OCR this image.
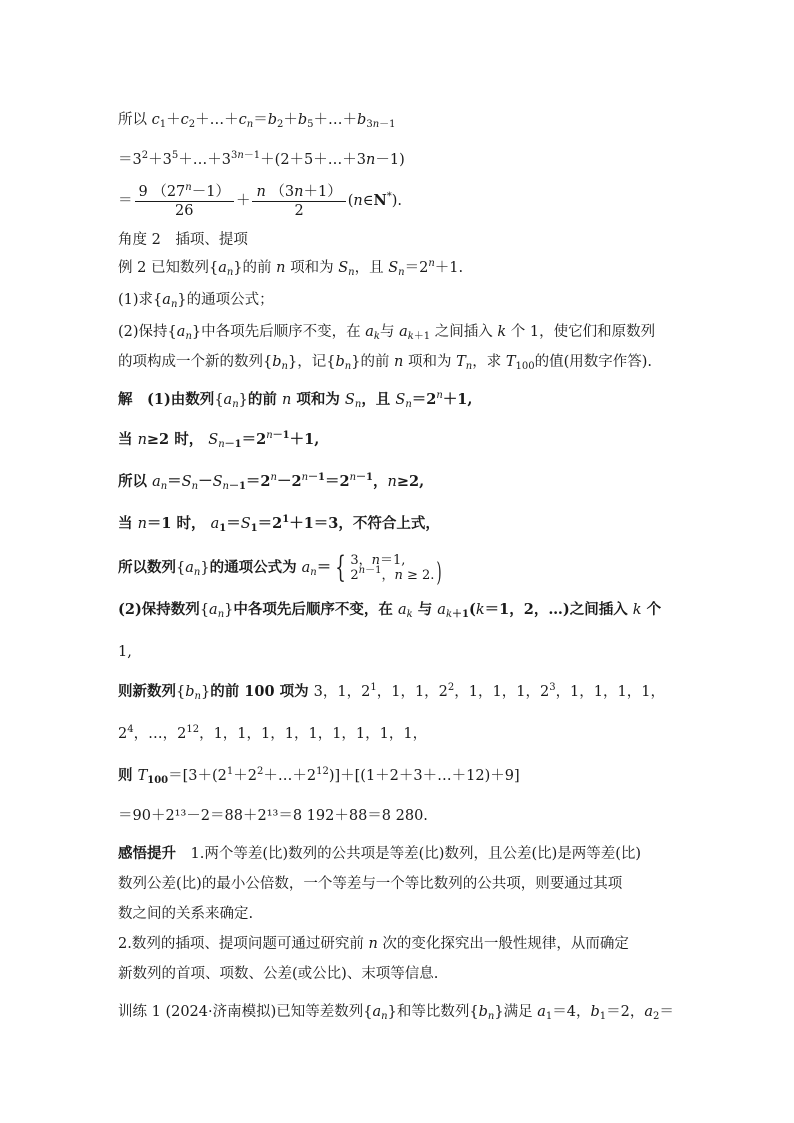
所以 $c_1+c_2+\dots+c_n=b_2+b_5+\dots+b_{3n-1}$
$=3^2+3^5+\dots+3^{3n-1}+(2+5+\dots+3n-1)$
＝ $\frac{9 (27^n-1)}{26} + \frac{n (3n+1)}{2}$ (n∈N*).
角度 2　插项、提项
例 2 已知数列$\{a_n\}$的前 n 项和为 $S_n$，且 $S_n=2^n+1$.
(1)求$\{a_n\}$的通项公式；
(2)保持$\{a_n\}$中各项先后顺序不变，在 $a_k$与 $a_{k+1}$ 之间插入 k 个 1，使它们和原数列
的项构成一个新的数列$\{b_n\}$，记$\{b_n\}$的前 n 项和为 $T_n$，求 $T_{100}$的值(用数字作答).
解　 (1)由数列$\{a_n\}$的前 n 项和为 $S_n$，且 $S_n=2^n+1$,
当 n≥2 时， $S_{n-1}=2^{n-1}+1$,
所以 $a_n=S_n-S_{n-1}=2^n-2^{n-1}=2^{n-1}$，n≥2,
当 n＝1 时， $a_1=S_1=2^1+1=3$，不符合上式，
所以数列$\{a_n\}$的通项公式为 $a_n=$ { 3，n＝1,
$2^{n-1}$，n ≥ 2. )
(2)保持数列$\{a_n\}$中各项先后顺序不变，在 $a_k$ 与 $a_{k+1}(k=1$，2，…)之间插入 k 个
1,
则新数列$\{b_n\}$的前 100 项为 3，1，$2^1$，1，1，$2^2$，1，1，1，$2^3$，1，1，1，1，
$2^4$，…，$2^{12}$，1，1，1，1，1，1，1，1，1，
则 $T_{100}=[3+(2^1+2^2+\dots+2^{12})]+[(1+2+3+\dots+12)+9]$
＝90＋2¹³－2＝88＋2¹³＝8 192＋88＝8 280.
感悟提升　 1.两个等差(比)数列的公共项是等差(比)数列，且公差(比)是两等差(比)
数列公差(比)的最小公倍数，一个等差与一个等比数列的公共项，则要通过其项
数之间的关系来确定.
2.数列的插项、提项问题可通过研究前 n 次的变化探究出一般性规律，从而确定
新数列的首项、项数、公差(或公比)、末项等信息.
训练 1 (2024·济南模拟)已知等差数列$\{a_n\}$和等比数列$\{b_n\}$满足 $a_1=4$，$b_1=2$，$a_2=$
